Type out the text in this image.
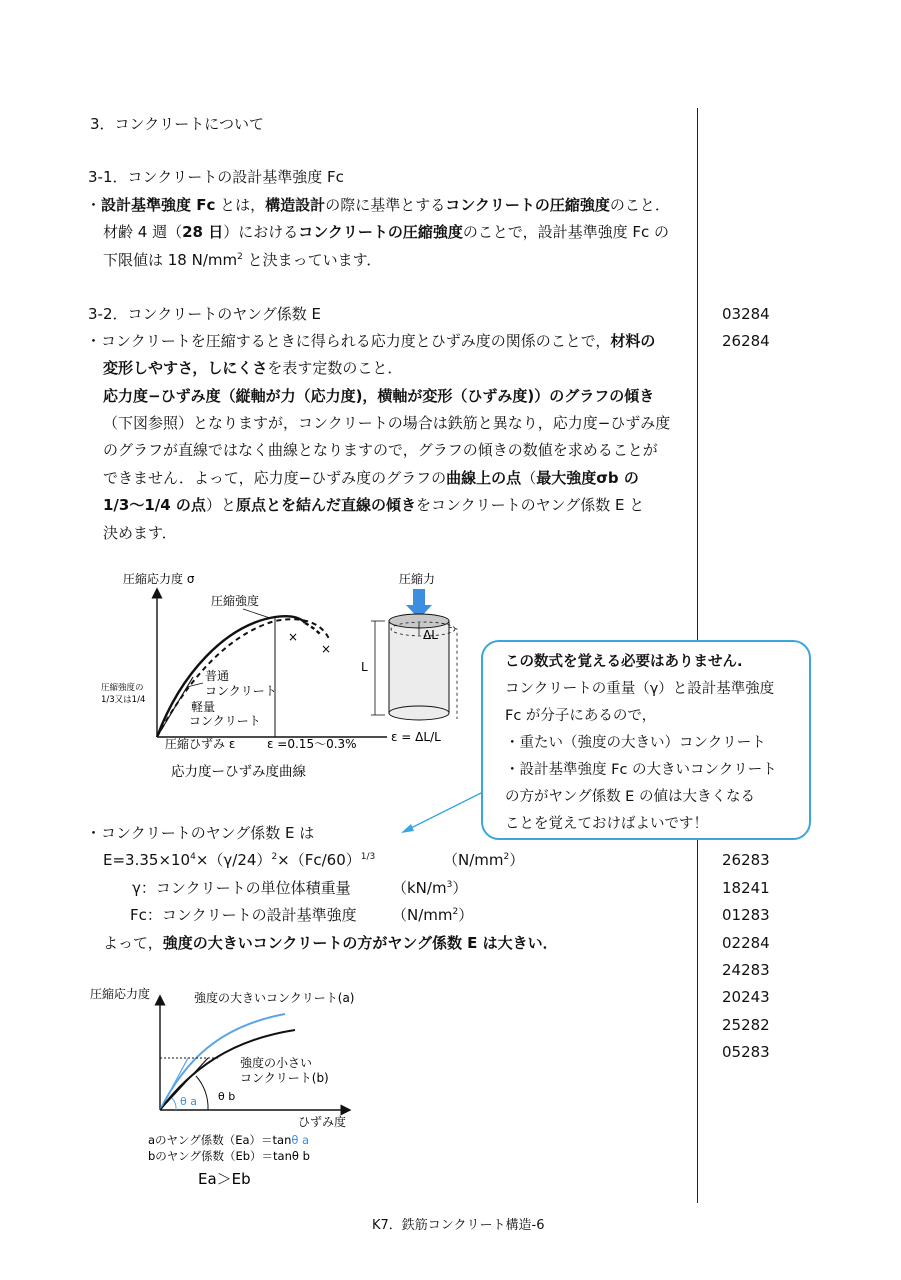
3．コンクリートについて
3-1．コンクリートの設計基準強度 Fc
・設計基準強度 Fc とは，構造設計の際に基準とするコンクリートの圧縮強度のこと．
材齢 4 週（28 日）におけるコンクリートの圧縮強度のことで，設計基準強度 Fc の
下限値は 18 $N/mm^2$ と決まっています．
3-2．コンクリートのヤング係数 E
・コンクリートを圧縮するときに得られる応力度とひずみ度の関係のことで，材料の
変形しやすさ，しにくさを表す定数のこと．
応力度−ひずみ度（縦軸が力（応力度)，横軸が変形（ひずみ度)）のグラフの傾き
（下図参照）となりますが，コンクリートの場合は鉄筋と異なり，応力度−ひずみ度
のグラフが直線ではなく曲線となりますので，グラフの傾きの数値を求めることが
できません．よって，応力度−ひずみ度のグラフの曲線上の点（最大強度σb の
1/3〜1/4 の点）と原点とを結んだ直線の傾きをコンクリートのヤング係数 E と
決めます．
03284
26284
26283
18241
01283
02284
24283
20243
25282
05283
圧縮応力度 σ
圧縮強度
×
×
普通
コンクリート
軽量
コンクリート
圧縮強度の
1/3又は1/4
圧縮ひずみ ε	ε =0.15〜0.3%
応力度ーひずみ度曲線
圧縮力
ΔL
L
ε = ΔL/L
この数式を覚える必要はありません.
コンクリートの重量（γ）と設計基準強度
Fc が分子にあるので，
・重たい（強度の大きい）コンクリート
・設計基準強度 Fc の大きいコンクリート
の方がヤング係数 E の値は大きくなる
ことを覚えておけばよいです！
・コンクリートのヤング係数 E は
$E=3.35\times 10^4\times(\gamma/24)^2\times(Fc/60)^{1/3}$	$(N/mm^2)$
γ：コンクリートの単位体積重量	$(kN/m^3)$
Fc：コンクリートの設計基準強度 $(N/mm^2)$
よって，強度の大きいコンクリートの方がヤング係数 E は大きい．
圧縮応力度	強度の大きいコンクリート(a)
強度の小さい
コンクリート(b)
θ a θ b
ひずみ度
aのヤング係数（Ea）＝tanθ a
bのヤング係数（Eb）＝tanθ b
Ea＞Eb
K7．鉄筋コンクリート構造-6
